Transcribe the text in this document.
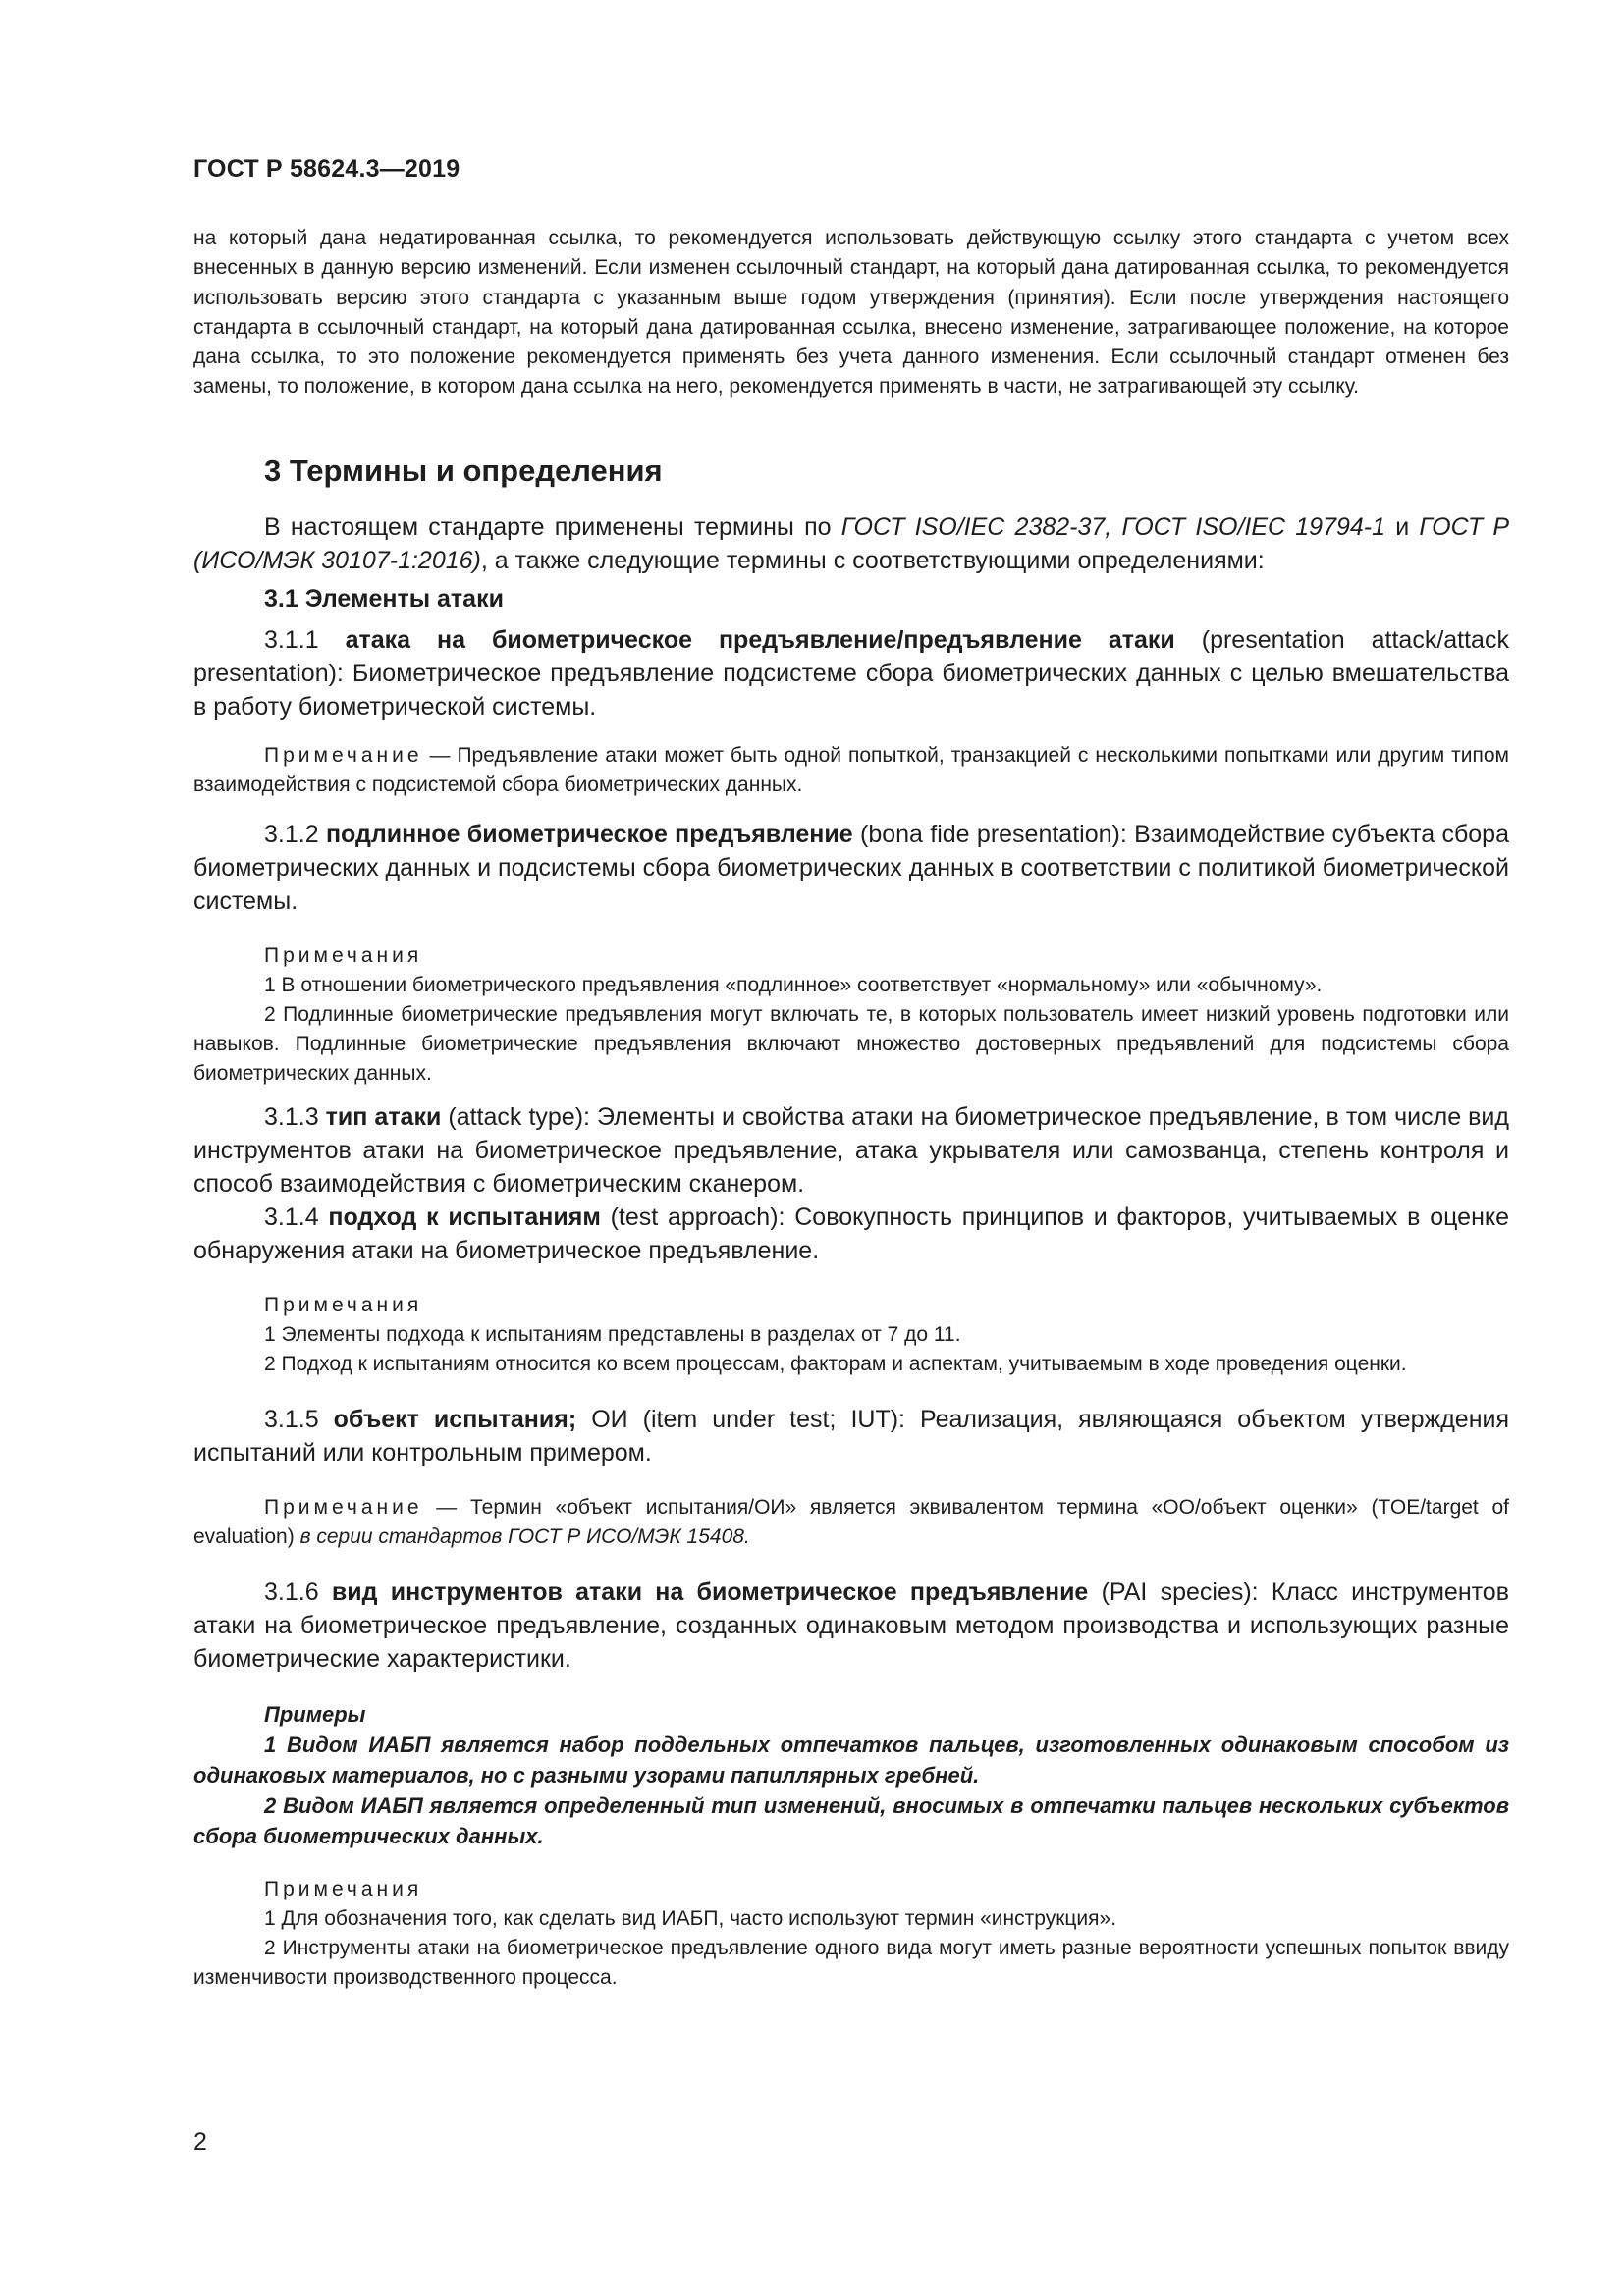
ГОСТ Р 58624.3—2019

на который дана недатированная ссылка, то рекомендуется использовать действующую ссылку этого стандарта с учетом всех внесенных в данную версию изменений. Если изменен ссылочный стандарт, на который дана датированная ссылка, то рекомендуется использовать версию этого стандарта с указанным выше годом утверждения (принятия). Если после утверждения настоящего стандарта в ссылочный стандарт, на который дана датированная ссылка, внесено изменение, затрагивающее положение, на которое дана ссылка, то это положение рекомендуется применять без учета данного изменения. Если ссылочный стандарт отменен без замены, то положение, в котором дана ссылка на него, рекомендуется применять в части, не затрагивающей эту ссылку.

3 Термины и определения

В настоящем стандарте применены термины по ГОСТ ISO/IEC 2382-37, ГОСТ ISO/IEC 19794-1 и ГОСТ Р (ИСО/МЭК 30107-1:2016), а также следующие термины с соответствующими определениями:

3.1 Элементы атаки

3.1.1 атака на биометрическое предъявление/предъявление атаки (presentation attack/attack presentation): Биометрическое предъявление подсистеме сбора биометрических данных с целью вмешательства в работу биометрической системы.

Примечание — Предъявление атаки может быть одной попыткой, транзакцией с несколькими попытками или другим типом взаимодействия с подсистемой сбора биометрических данных.

3.1.2 подлинное биометрическое предъявление (bona fide presentation): Взаимодействие субъекта сбора биометрических данных и подсистемы сбора биометрических данных в соответствии с политикой биометрической системы.

Примечания

1 В отношении биометрического предъявления «подлинное» соответствует «нормальному» или «обычному».

2 Подлинные биометрические предъявления могут включать те, в которых пользователь имеет низкий уровень подготовки или навыков. Подлинные биометрические предъявления включают множество достоверных предъявлений для подсистемы сбора биометрических данных.

3.1.3 тип атаки (attack type): Элементы и свойства атаки на биометрическое предъявление, в том числе вид инструментов атаки на биометрическое предъявление, атака укрывателя или самозванца, степень контроля и способ взаимодействия с биометрическим сканером.

3.1.4 подход к испытаниям (test approach): Совокупность принципов и факторов, учитываемых в оценке обнаружения атаки на биометрическое предъявление.

Примечания

1 Элементы подхода к испытаниям представлены в разделах от 7 до 11.

2 Подход к испытаниям относится ко всем процессам, факторам и аспектам, учитываемым в ходе проведения оценки.

3.1.5 объект испытания; ОИ (item under test; IUT): Реализация, являющаяся объектом утверждения испытаний или контрольным примером.

Примечание — Термин «объект испытания/ОИ» является эквивалентом термина «ОО/объект оценки» (TOE/target of evaluation) в серии стандартов ГОСТ Р ИСО/МЭК 15408.

3.1.6 вид инструментов атаки на биометрическое предъявление (PAI species): Класс инструментов атаки на биометрическое предъявление, созданных одинаковым методом производства и использующих разные биометрические характеристики.

Примеры

1 Видом ИАБП является набор поддельных отпечатков пальцев, изготовленных одинаковым способом из одинаковых материалов, но с разными узорами папиллярных гребней.

2 Видом ИАБП является определенный тип изменений, вносимых в отпечатки пальцев нескольких субъектов сбора биометрических данных.

Примечания

1 Для обозначения того, как сделать вид ИАБП, часто используют термин «инструкция».

2 Инструменты атаки на биометрическое предъявление одного вида могут иметь разные вероятности успешных попыток ввиду изменчивости производственного процесса.

2
